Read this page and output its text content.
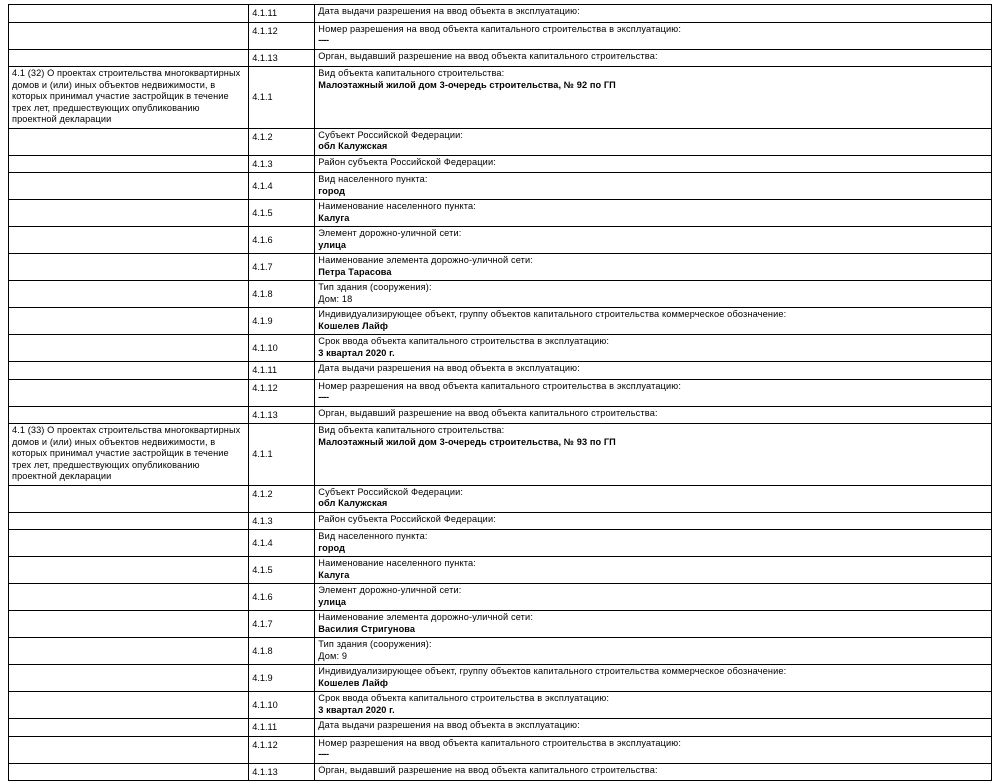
	4.1.11	Дата выдачи разрешения на ввод объекта в эксплуатацию:

	4.1.12	Номер разрешения на ввод объекта капитального строительства в эксплуатацию:
----

	4.1.13	Орган, выдавший разрешение на ввод объекта капитального строительства:

4.1 (32) О проектах строительства многоквартирных домов и (или) иных объектов недвижимости, в которых принимал участие застройщик в течение трех лет, предшествующих опубликованию проектной декларации	4.1.1	Вид объекта капитального строительства:
Малоэтажный жилой дом 3-очередь строительства, № 92 по ГП

	4.1.2	Субъект Российской Федерации:
обл Калужская

	4.1.3	Район субъекта Российской Федерации:

	4.1.4	Вид населенного пункта:
город

	4.1.5	Наименование населенного пункта:
Калуга

	4.1.6	Элемент дорожно-уличной сети:
улица

	4.1.7	Наименование элемента дорожно-уличной сети:
Петра Тарасова

	4.1.8	Тип здания (сооружения):
Дом: 18

	4.1.9	Индивидуализирующее объект, группу объектов капитального строительства коммерческое обозначение:
Кошелев Лайф

	4.1.10	Срок ввода объекта капитального строительства в эксплуатацию:
3 квартал 2020 г.

	4.1.11	Дата выдачи разрешения на ввод объекта в эксплуатацию:

	4.1.12	Номер разрешения на ввод объекта капитального строительства в эксплуатацию:
----

	4.1.13	Орган, выдавший разрешение на ввод объекта капитального строительства:

4.1 (33) О проектах строительства многоквартирных домов и (или) иных объектов недвижимости, в которых принимал участие застройщик в течение трех лет, предшествующих опубликованию проектной декларации	4.1.1	Вид объекта капитального строительства:
Малоэтажный жилой дом 3-очередь строительства, № 93 по ГП

	4.1.2	Субъект Российской Федерации:
обл Калужская

	4.1.3	Район субъекта Российской Федерации:

	4.1.4	Вид населенного пункта:
город

	4.1.5	Наименование населенного пункта:
Калуга

	4.1.6	Элемент дорожно-уличной сети:
улица

	4.1.7	Наименование элемента дорожно-уличной сети:
Василия Стригунова

	4.1.8	Тип здания (сооружения):
Дом: 9

	4.1.9	Индивидуализирующее объект, группу объектов капитального строительства коммерческое обозначение:
Кошелев Лайф

	4.1.10	Срок ввода объекта капитального строительства в эксплуатацию:
3 квартал 2020 г.

	4.1.11	Дата выдачи разрешения на ввод объекта в эксплуатацию:

	4.1.12	Номер разрешения на ввод объекта капитального строительства в эксплуатацию:
----

	4.1.13	Орган, выдавший разрешение на ввод объекта капитального строительства:
